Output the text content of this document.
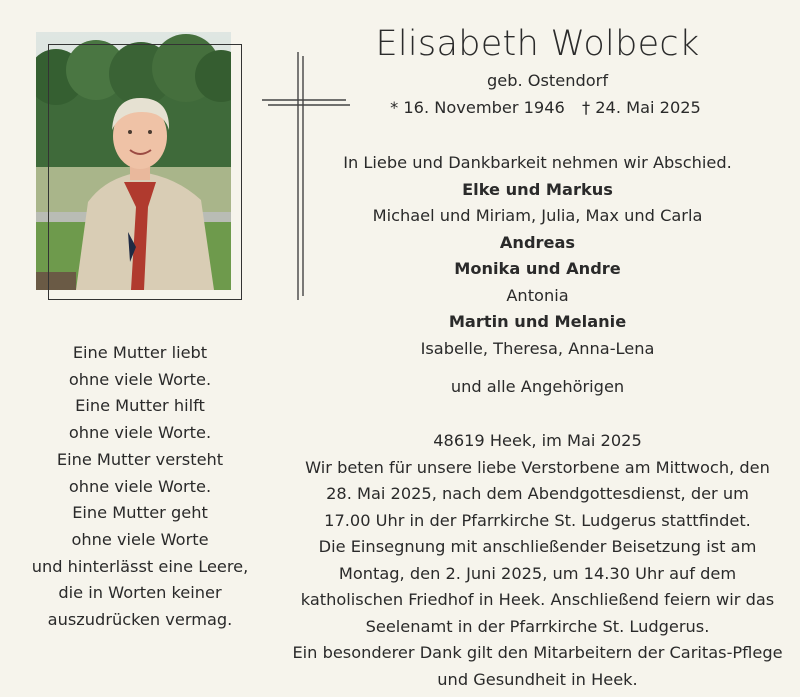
Elisabeth Wolbeck

geb. Ostendorf

* 16. November 1946 † 24. Mai 2025

In Liebe und Dankbarkeit nehmen wir Abschied.

Elke und Markus

Michael und Miriam, Julia, Max und Carla

Andreas

Monika und Andre

Antonia

Martin und Melanie

Isabelle, Theresa, Anna-Lena

und alle Angehörigen

48619 Heek, im Mai 2025

Wir beten für unsere liebe Verstorbene am Mittwoch, den

28. Mai 2025, nach dem Abendgottesdienst, der um

17.00 Uhr in der Pfarrkirche St. Ludgerus stattfindet.

Die Einsegnung mit anschließender Beisetzung ist am

Montag, den 2. Juni 2025, um 14.30 Uhr auf dem

katholischen Friedhof in Heek. Anschließend feiern wir das

Seelenamt in der Pfarrkirche St. Ludgerus.

Ein besonderer Dank gilt den Mitarbeitern der Caritas-Pflege

und Gesundheit in Heek.

Eine Mutter liebt

ohne viele Worte.

Eine Mutter hilft

ohne viele Worte.

Eine Mutter versteht

ohne viele Worte.

Eine Mutter geht

ohne viele Worte

und hinterlässt eine Leere,

die in Worten keiner

auszudrücken vermag.
